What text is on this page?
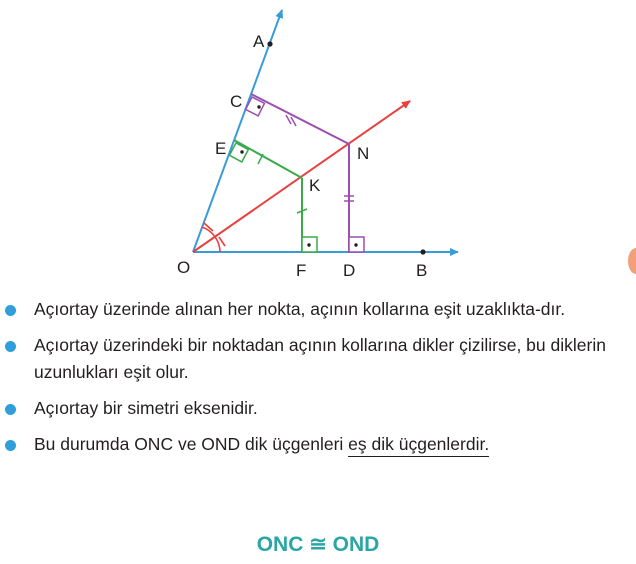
A
C
E	N
K
O	F D	B
Açıortay üzerinde alınan her nokta, açının kollarına eşit uzaklıkta-dır.
Açıortay üzerindeki bir noktadan açının kollarına dikler çizilirse, bu diklerin uzunlukları eşit olur.
Açıortay bir simetri eksenidir.
Bu durumda ONC ve OND dik üçgenleri eş dik üçgenlerdir.
ONC ≅ OND
